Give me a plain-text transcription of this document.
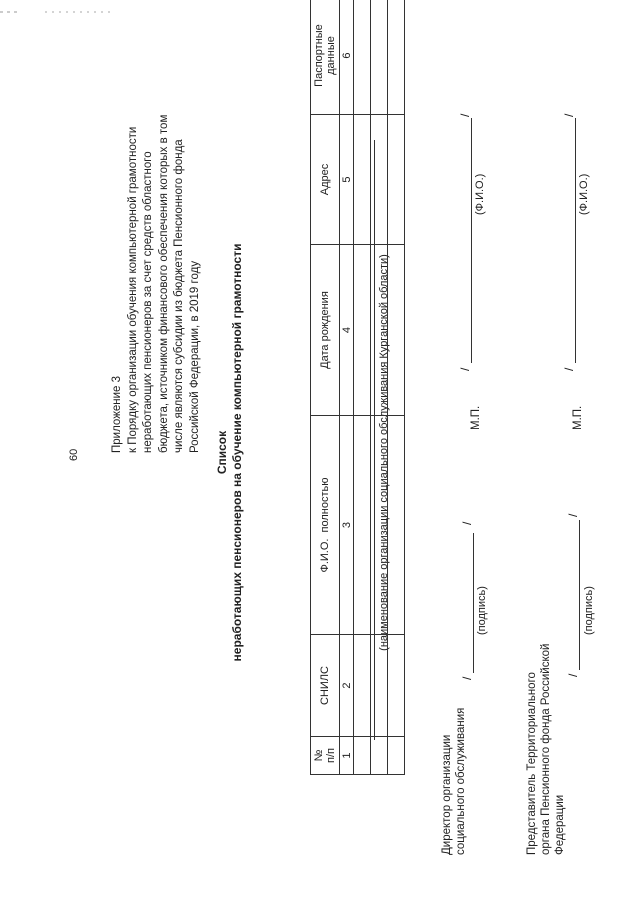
60
Приложение 3 к Порядку организации обучения компьютерной грамотности неработающих пенсионеров за счет средств областного бюджета, источником финансового обеспечения которых в том числе являются субсидии из бюджета Пенсионного фонда Российской Федерации, в 2019 году Список неработающих пенсионеров на обучение компьютерной грамотности	(наименование организации социального обслуживания Курганской области)
№
п/п	СНИЛС	Ф.И.О.  полностью	Дата рождения	Адрес	Паспортные
данные
1	2	3	4	5	6

Директор организации социального обслуживания
/
/
(подпись)
М.П.
/
/
(Ф.И.О.)
Представитель Территориального органа Пенсионного фонда Российской Федерации
/
/
(подпись)
М.П.
/
/
(Ф.И.О.)
